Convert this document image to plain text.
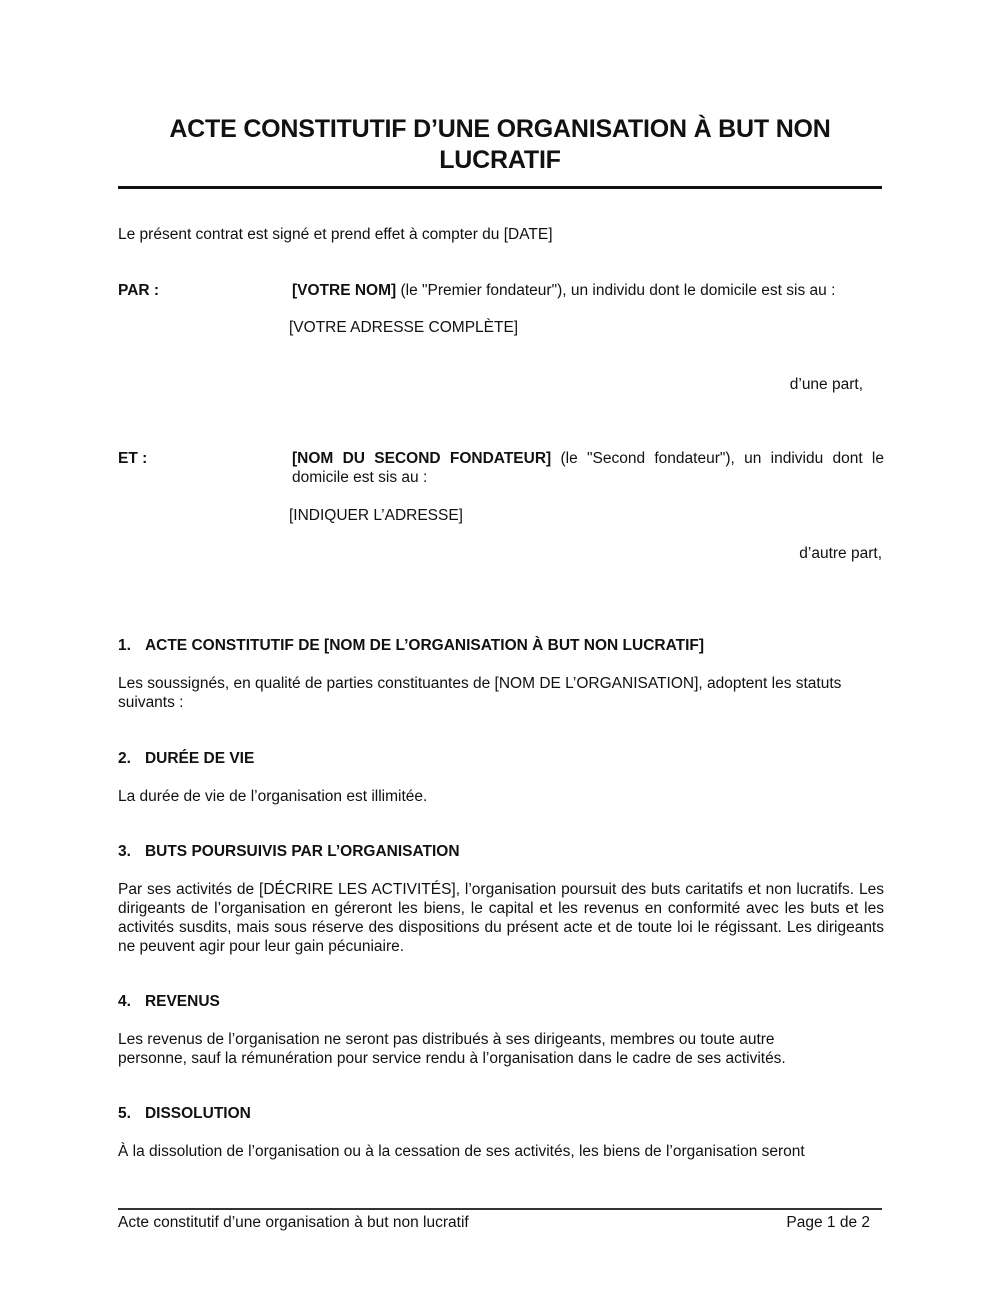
ACTE CONSTITUTIF D’UNE ORGANISATION À BUT NON LUCRATIF
Le présent contrat est signé et prend effet à compter du [DATE]
PAR :	[VOTRE NOM] (le "Premier fondateur"), un individu dont le domicile est sis au :
[VOTRE ADRESSE COMPLÈTE]
d’une part,
ET :	[NOM DU SECOND FONDATEUR] (le "Second fondateur"), un individu dont le domicile est sis au :
[INDIQUER L’ADRESSE]
d’autre part,
1. ACTE CONSTITUTIF DE [NOM DE L’ORGANISATION À BUT NON LUCRATIF]
Les soussignés, en qualité de parties constituantes de [NOM DE L’ORGANISATION], adoptent les statuts suivants :
2. DURÉE DE VIE
La durée de vie de l’organisation est illimitée.
3. BUTS POURSUIVIS PAR L’ORGANISATION
Par ses activités de [DÉCRIRE LES ACTIVITÉS], l’organisation poursuit des buts caritatifs et non lucratifs. Les dirigeants de l’organisation en géreront les biens, le capital et les revenus en conformité avec les buts et les activités susdits, mais sous réserve des dispositions du présent acte et de toute loi le régissant. Les dirigeants ne peuvent agir pour leur gain pécuniaire.
4. REVENUS
Les revenus de l’organisation ne seront pas distribués à ses dirigeants, membres ou toute autre personne, sauf la rémunération pour service rendu à l’organisation dans le cadre de ses activités.
5. DISSOLUTION
À la dissolution de l’organisation ou à la cessation de ses activités, les biens de l’organisation seront
Acte constitutif d’une organisation à but non lucratif	Page 1 de 2
